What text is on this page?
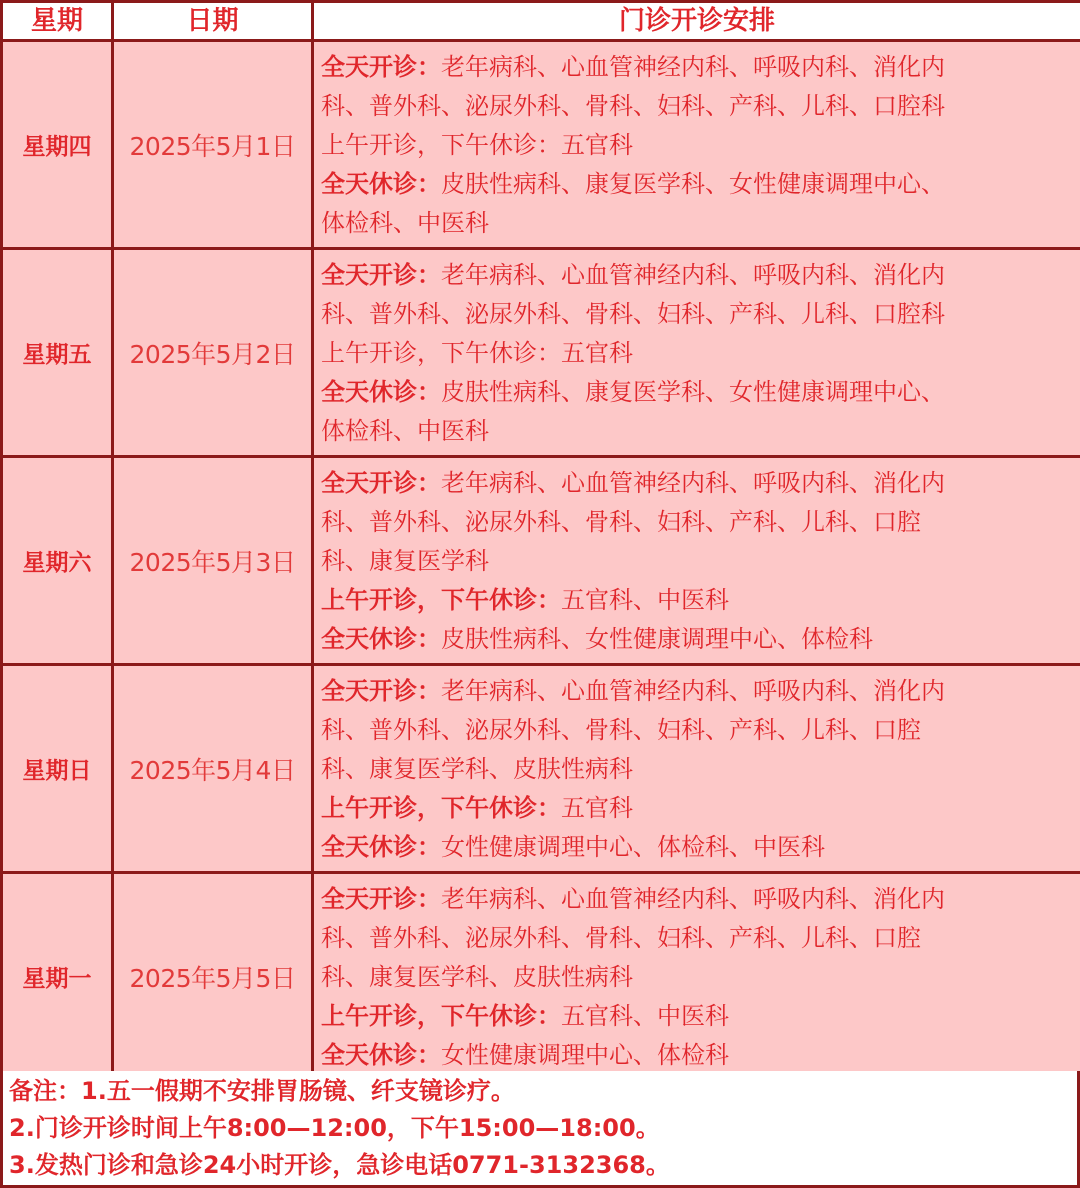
星期	日期	门诊开诊安排
星期四	2025年5月1日	全天开诊：老年病科、心血管神经内科、呼吸内科、消化内
科、普外科、泌尿外科、骨科、妇科、产科、儿科、口腔科
上午开诊，下午休诊：五官科
全天休诊：皮肤性病科、康复医学科、女性健康调理中心、
体检科、中医科

星期五	2025年5月2日	全天开诊：老年病科、心血管神经内科、呼吸内科、消化内
科、普外科、泌尿外科、骨科、妇科、产科、儿科、口腔科
上午开诊，下午休诊：五官科
全天休诊：皮肤性病科、康复医学科、女性健康调理中心、
体检科、中医科

星期六	2025年5月3日	全天开诊：老年病科、心血管神经内科、呼吸内科、消化内
科、普外科、泌尿外科、骨科、妇科、产科、儿科、口腔
科、康复医学科
上午开诊，下午休诊：五官科、中医科
全天休诊：皮肤性病科、女性健康调理中心、体检科

星期日	2025年5月4日	全天开诊：老年病科、心血管神经内科、呼吸内科、消化内
科、普外科、泌尿外科、骨科、妇科、产科、儿科、口腔
科、康复医学科、皮肤性病科
上午开诊，下午休诊：五官科
全天休诊：女性健康调理中心、体检科、中医科

星期一	2025年5月5日	全天开诊：老年病科、心血管神经内科、呼吸内科、消化内
科、普外科、泌尿外科、骨科、妇科、产科、儿科、口腔
科、康复医学科、皮肤性病科
上午开诊，下午休诊：五官科、中医科
全天休诊：女性健康调理中心、体检科
备注：1.五一假期不安排胃肠镜、纤支镜诊疗。
2.门诊开诊时间上午8:00—12:00，下午15:00—18:00。
3.发热门诊和急诊24小时开诊，急诊电话0771-3132368。
